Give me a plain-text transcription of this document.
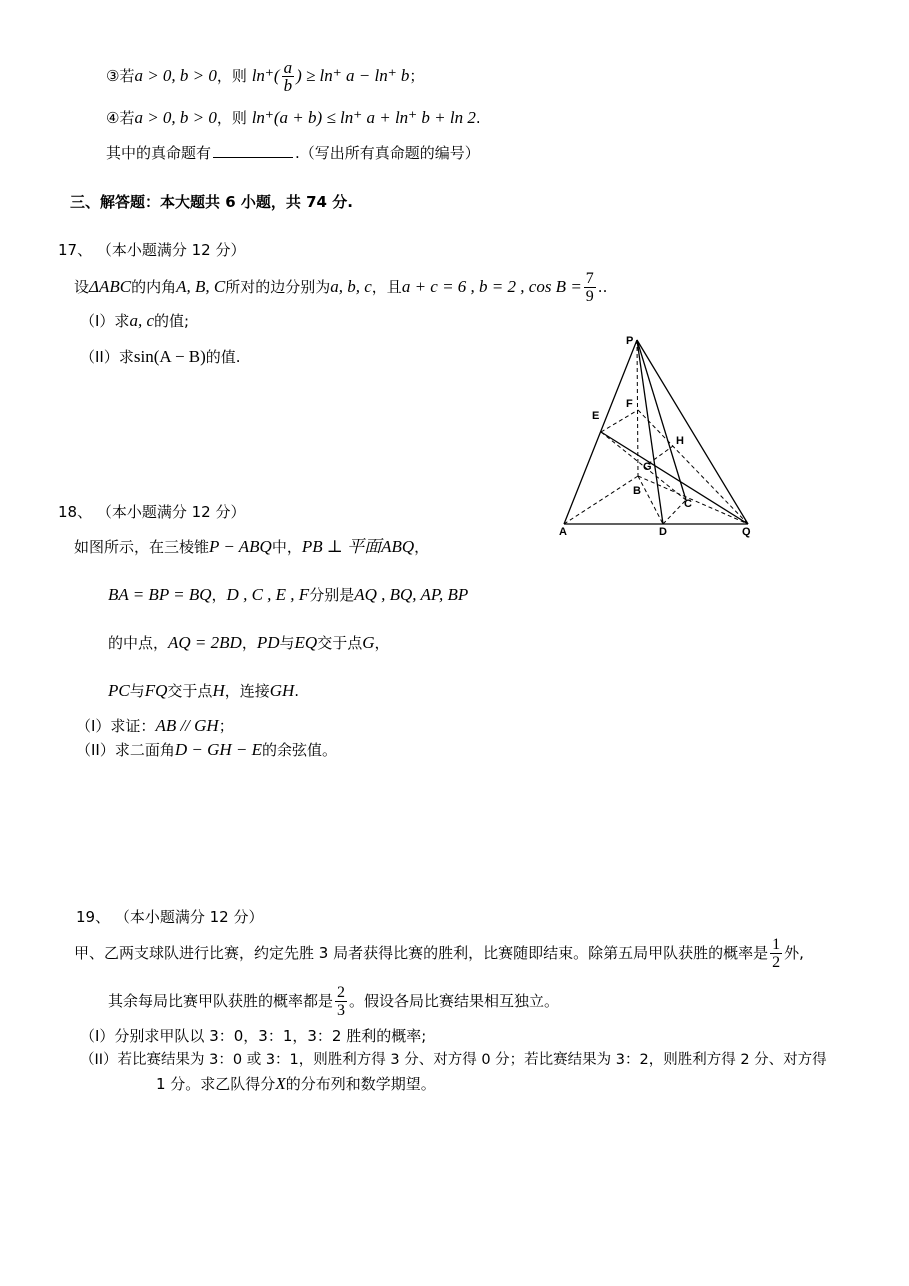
③若a > 0, b > 0，则 $\ln^+( \frac{a}{b}$ ) ≥ ln⁺ a − ln⁺ b；
④若a > 0, b > 0，则 ln⁺(a + b) ≤ ln⁺ a + ln⁺ b + ln 2.
其中的真命题有	.（写出所有真命题的编号）
三、解答题：本大题共 6 小题，共 74 分.
17、 （本小题满分 12 分）
设ΔABC的内角A, B, C所对的边分别为a, b, c，且a + c = 6 , b = 2 , $\cos B = \frac{7}{9}$ ..
（I）求a, c的值;
（II）求sin(A − B)的值.
P
E
F
H
G
B
C
A	D	Q
18、 （本小题满分 12 分）
如图所示，在三棱锥P − ABQ中，PB ⊥ 平面ABQ，
BA = BP = BQ，D , C , E , F分别是AQ , BQ, AP, BP
的中点，AQ = 2BD，PD与EQ交于点G，
PC与FQ交于点H，连接GH.
（I）求证：AB // GH；
（II）求二面角D − GH − E的余弦值。
19、 （本小题满分 12 分）
甲、乙两支球队进行比赛，约定先胜 3 局者获得比赛的胜利，比赛随即结束。除第五局甲队获胜的概率是 $\frac{1}{2}$ 外,
其余每局比赛甲队获胜的概率都是 $\frac{2}{3}$ 。假设各局比赛结果相互独立。
（I）分别求甲队以 3：0，3：1，3：2 胜利的概率;
（II）若比赛结果为 3：0 或 3：1，则胜利方得 3 分、对方得 0 分；若比赛结果为 3：2，则胜利方得 2 分、对方得
1 分。求乙队得分X的分布列和数学期望。
